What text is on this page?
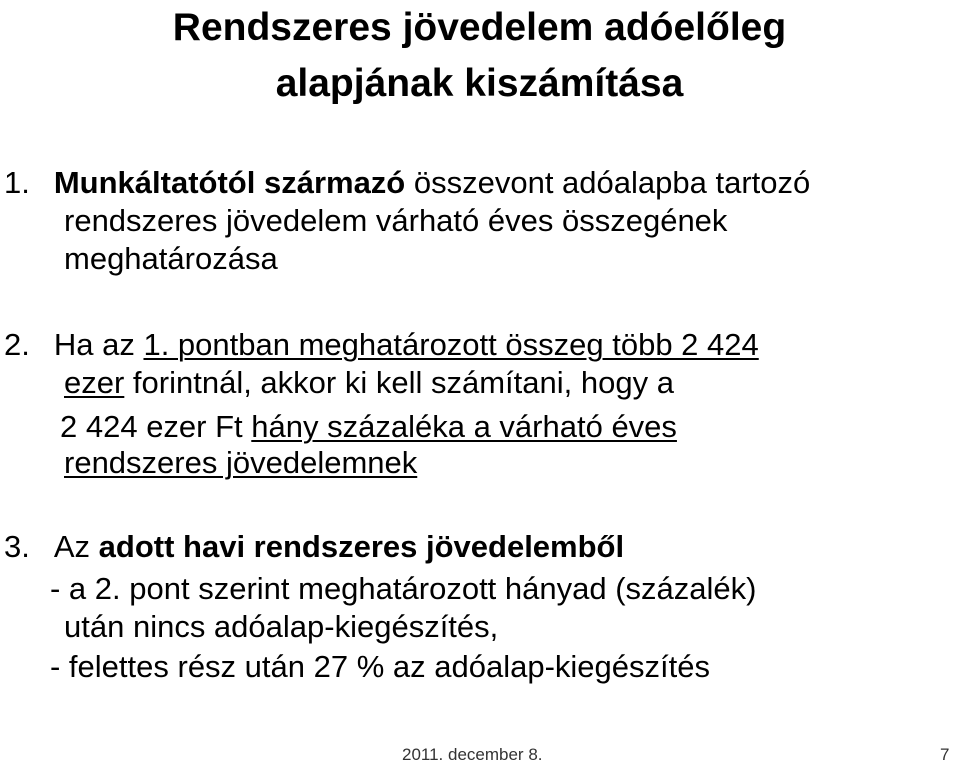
Rendszeres jövedelem adóelőleg
alapjának kiszámítása
1. Munkáltatótól származó összevont adóalapba tartozó
rendszeres jövedelem várható éves összegének
meghatározása
2. Ha az 1. pontban meghatározott összeg több 2 424
ezer forintnál, akkor ki kell számítani, hogy a
2 424 ezer Ft hány százaléka a várható éves
rendszeres jövedelemnek
3. Az adott havi rendszeres jövedelemből
- a 2. pont szerint meghatározott hányad (százalék)
után nincs adóalap-kiegészítés,
- felettes rész után 27 % az adóalap-kiegészítés
2011. december 8.	7
